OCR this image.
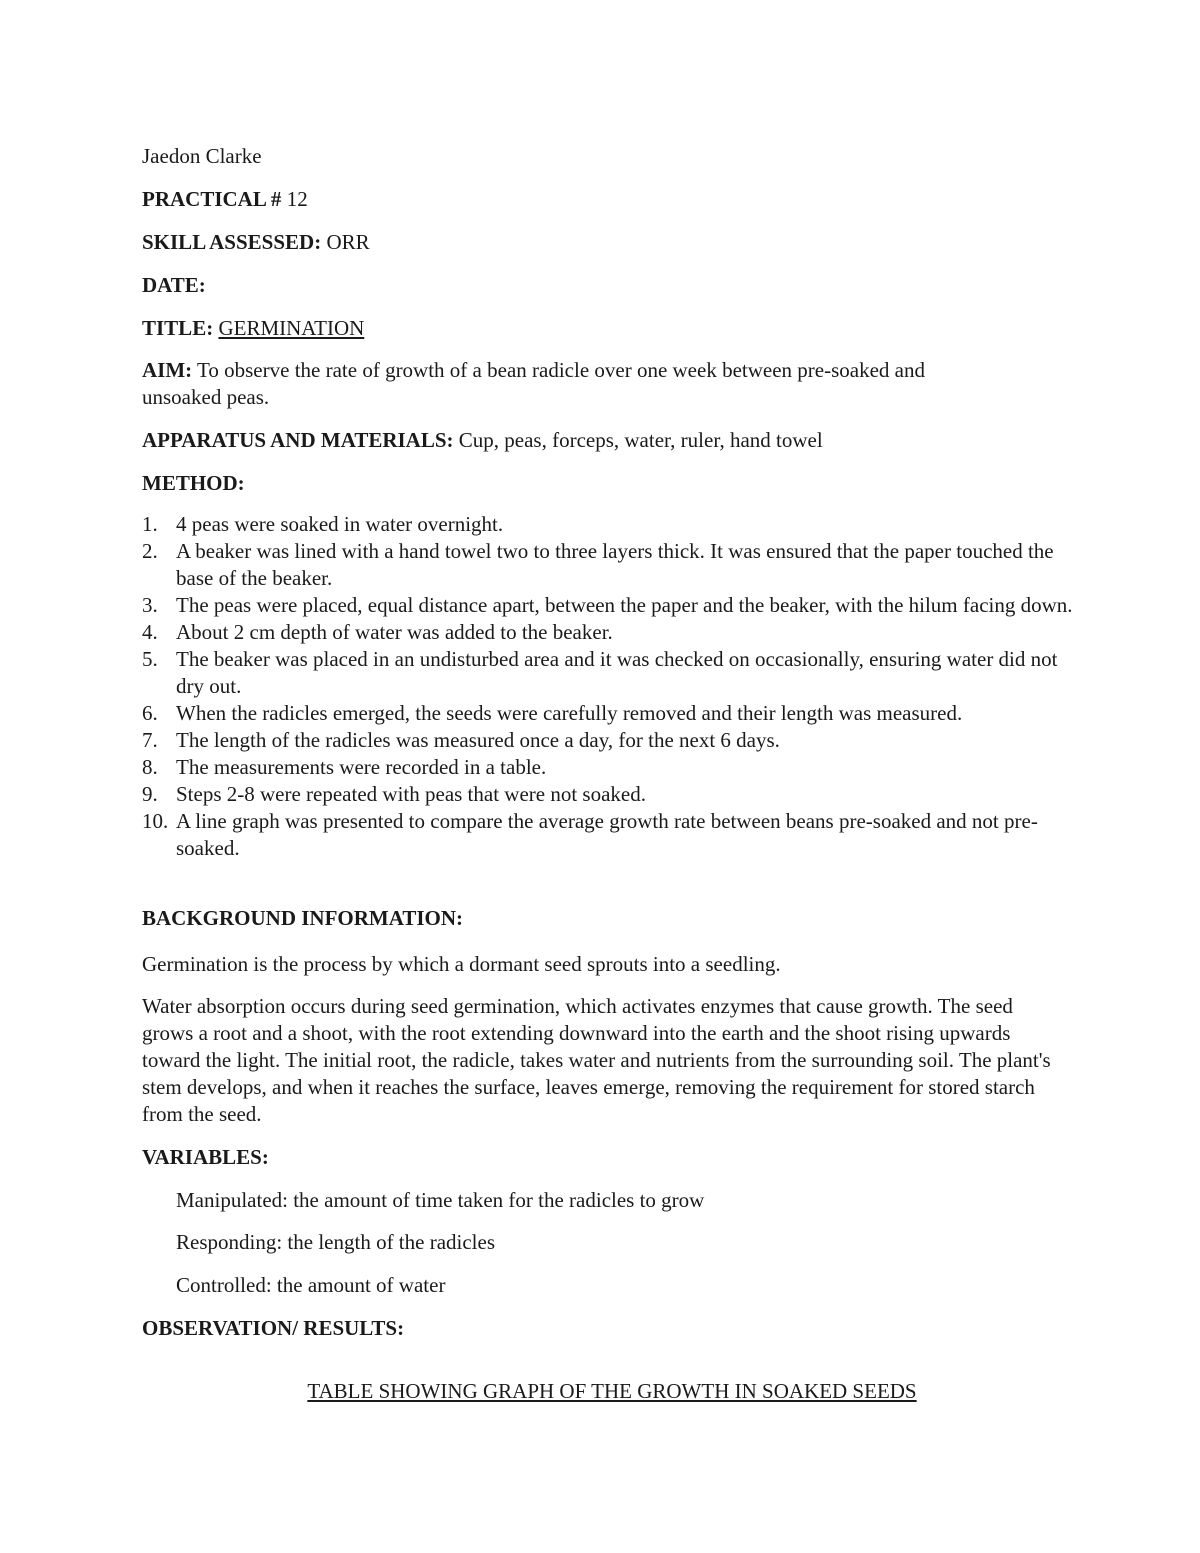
Jaedon Clarke

PRACTICAL # 12

SKILL ASSESSED: ORR

DATE:

TITLE: GERMINATION

AIM: To observe the rate of growth of a bean radicle over one week between pre-soaked and
unsoaked peas.

APPARATUS AND MATERIALS: Cup, peas, forceps, water, ruler, hand towel

METHOD:

1. 4 peas were soaked in water overnight.
2. A beaker was lined with a hand towel two to three layers thick. It was ensured that the paper touched the base of the beaker.
3. The peas were placed, equal distance apart, between the paper and the beaker, with the hilum facing down.
4. About 2 cm depth of water was added to the beaker.
5. The beaker was placed in an undisturbed area and it was checked on occasionally, ensuring water did not dry out.
6. When the radicles emerged, the seeds were carefully removed and their length was measured.
7. The length of the radicles was measured once a day, for the next 6 days.
8. The measurements were recorded in a table.
9. Steps 2-8 were repeated with peas that were not soaked.
10. A line graph was presented to compare the average growth rate between beans pre-soaked and not pre-soaked.

BACKGROUND INFORMATION:

Germination is the process by which a dormant seed sprouts into a seedling.

Water absorption occurs during seed germination, which activates enzymes that cause growth. The seed grows a root and a shoot, with the root extending downward into the earth and the shoot rising upwards toward the light. The initial root, the radicle, takes water and nutrients from the surrounding soil. The plant's stem develops, and when it reaches the surface, leaves emerge, removing the requirement for stored starch from the seed.

VARIABLES:

Manipulated: the amount of time taken for the radicles to grow

Responding: the length of the radicles

Controlled: the amount of water

OBSERVATION/ RESULTS:

TABLE SHOWING GRAPH OF THE GROWTH IN SOAKED SEEDS
